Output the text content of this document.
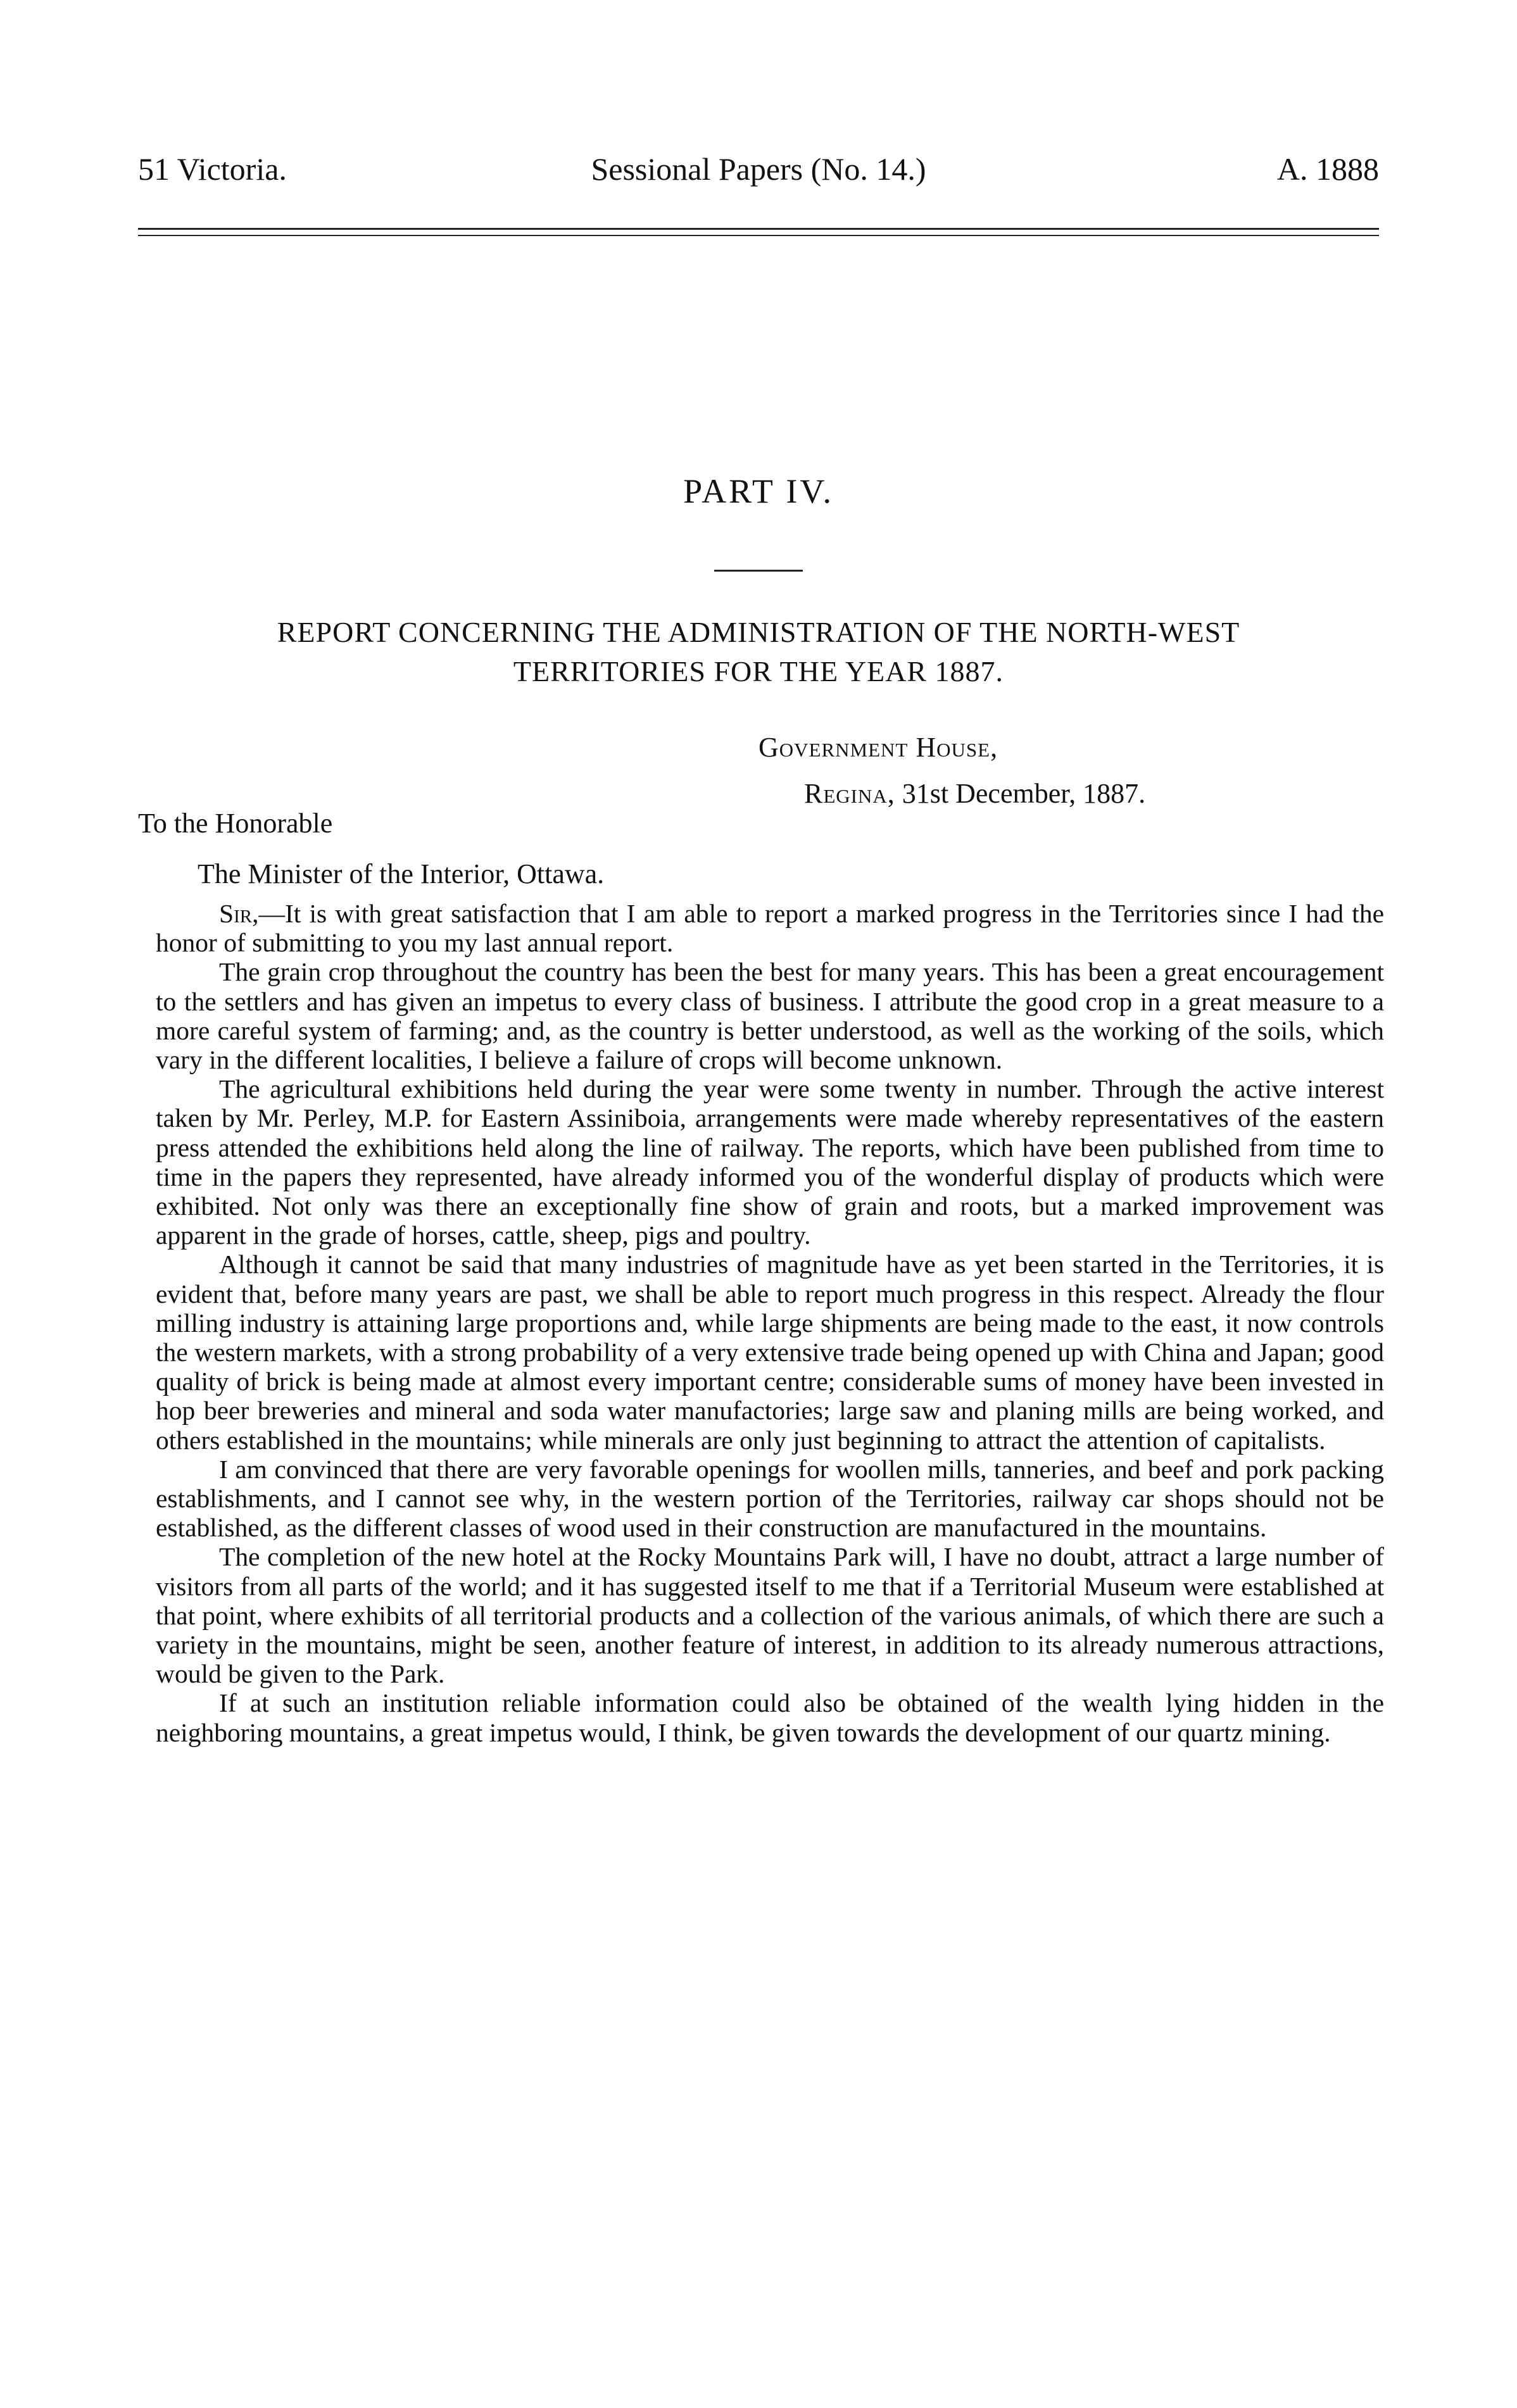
51 Victoria.	Sessional Papers (No. 14.)	A. 1888
PART IV.
REPORT CONCERNING THE ADMINISTRATION OF THE NORTH-WEST
TERRITORIES FOR THE YEAR 1887.
Government House,
Regina, 31st December, 1887.
To the Honorable
The Minister of the Interior, Ottawa.

Sir,—It is with great satisfaction that I am able to report a marked progress in the Territories since I had the honor of submitting to you my last annual report.

The grain crop throughout the country has been the best for many years. This has been a great encouragement to the settlers and has given an impetus to every class of business. I attribute the good crop in a great measure to a more careful system of farming; and, as the country is better understood, as well as the working of the soils, which vary in the different localities, I believe a failure of crops will become unknown.

The agricultural exhibitions held during the year were some twenty in number. Through the active interest taken by Mr. Perley, M.P. for Eastern Assiniboia, arrangements were made whereby representatives of the eastern press attended the exhibitions held along the line of railway. The reports, which have been published from time to time in the papers they represented, have already informed you of the wonderful display of products which were exhibited. Not only was there an exceptionally fine show of grain and roots, but a marked improvement was apparent in the grade of horses, cattle, sheep, pigs and poultry.

Although it cannot be said that many industries of magnitude have as yet been started in the Territories, it is evident that, before many years are past, we shall be able to report much progress in this respect. Already the flour milling industry is attaining large proportions and, while large shipments are being made to the east, it now controls the western markets, with a strong probability of a very extensive trade being opened up with China and Japan; good quality of brick is being made at almost every important centre; considerable sums of money have been invested in hop beer breweries and mineral and soda water manufactories; large saw and planing mills are being worked, and others established in the mountains; while minerals are only just beginning to attract the attention of capitalists.

I am convinced that there are very favorable openings for woollen mills, tanneries, and beef and pork packing establishments, and I cannot see why, in the western portion of the Territories, railway car shops should not be established, as the different classes of wood used in their construction are manufactured in the mountains.

The completion of the new hotel at the Rocky Mountains Park will, I have no doubt, attract a large number of visitors from all parts of the world; and it has suggested itself to me that if a Territorial Museum were established at that point, where exhibits of all territorial products and a collection of the various animals, of which there are such a variety in the mountains, might be seen, another feature of interest, in addition to its already numerous attractions, would be given to the Park.

If at such an institution reliable information could also be obtained of the wealth lying hidden in the neighboring mountains, a great impetus would, I think, be given towards the development of our quartz mining.
